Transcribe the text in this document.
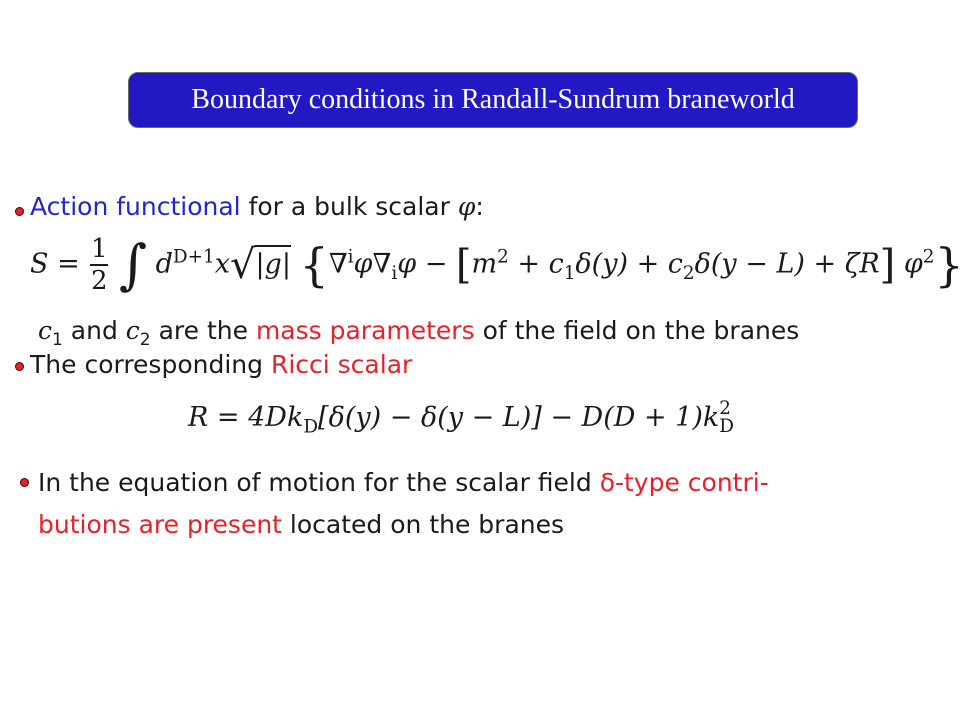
Boundary conditions in Randall-Sundrum braneworld
Action functional for a bulk scalar φ:
$S = \frac{1}{2}$ ∫ $d^{D+1}x√|g|$ {$\nabla^i\varphi\nabla_i\varphi - [m^2 + c_1\delta(y) + c_2\delta(y - L) + \zeta R]$ $\varphi^2$}
$c_1$ and $c_2$ are the mass parameters of the field on the branes
The corresponding Ricci scalar
$R = 4Dk_D[\delta(y) - \delta(y - L)] - D(D + 1)k$ 2
D
In the equation of motion for the scalar field δ-type contri-
butions are present located on the branes
